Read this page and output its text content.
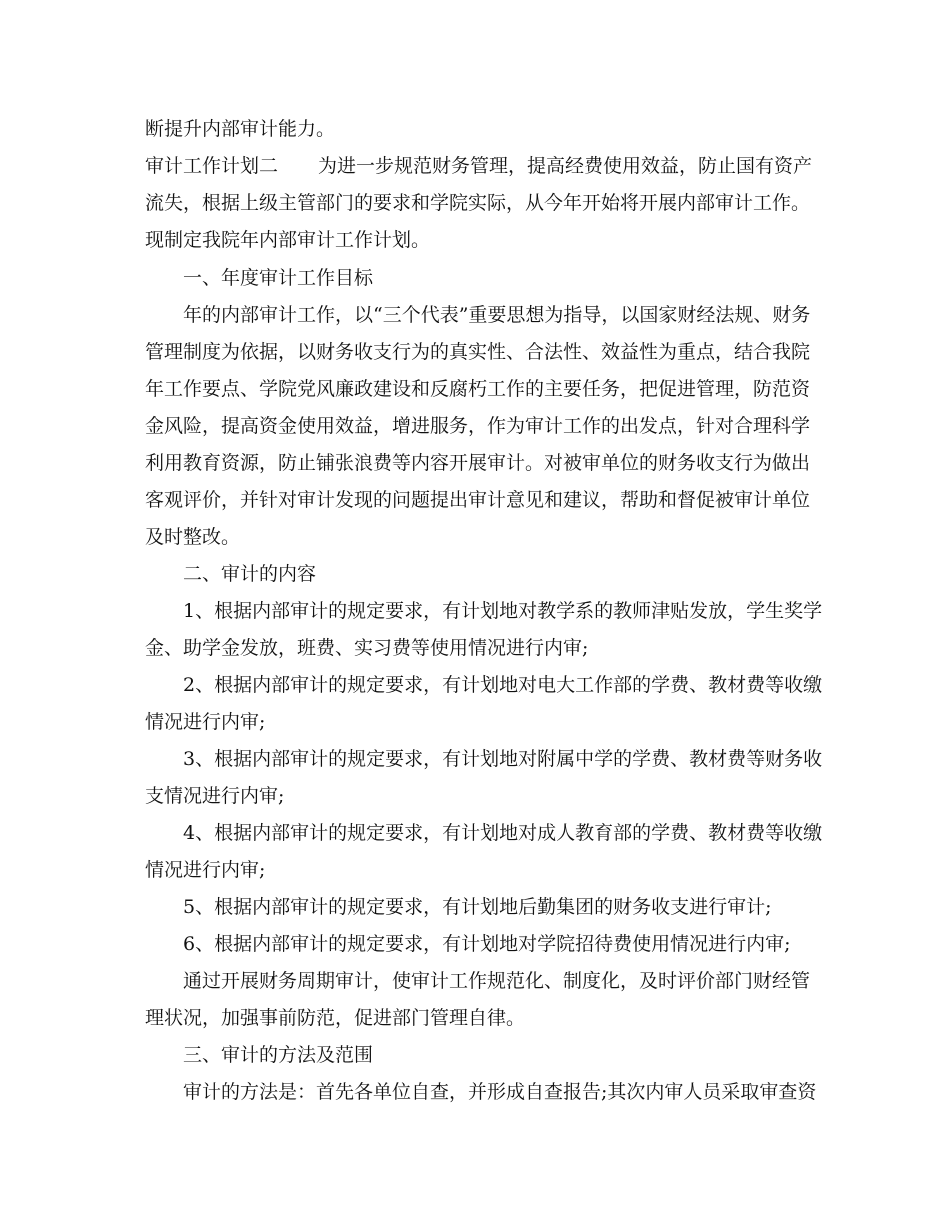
断提升内部审计能力。
审计工作计划二 为进一步规范财务管理，提高经费使用效益，防止国有资产
流失，根据上级主管部门的要求和学院实际，从今年开始将开展内部审计工作。
现制定我院年内部审计工作计划。
一、年度审计工作目标
年的内部审计工作，以“三个代表”重要思想为指导，以国家财经法规、财务
管理制度为依据，以财务收支行为的真实性、合法性、效益性为重点，结合我院
年工作要点、学院党风廉政建设和反腐朽工作的主要任务，把促进管理，防范资
金风险，提高资金使用效益，增进服务，作为审计工作的出发点，针对合理科学
利用教育资源，防止铺张浪费等内容开展审计。对被审单位的财务收支行为做出
客观评价，并针对审计发现的问题提出审计意见和建议，帮助和督促被审计单位
及时整改。
二、审计的内容
1、根据内部审计的规定要求，有计划地对教学系的教师津贴发放，学生奖学
金、助学金发放，班费、实习费等使用情况进行内审;
2、根据内部审计的规定要求，有计划地对电大工作部的学费、教材费等收缴
情况进行内审;
3、根据内部审计的规定要求，有计划地对附属中学的学费、教材费等财务收
支情况进行内审;
4、根据内部审计的规定要求，有计划地对成人教育部的学费、教材费等收缴
情况进行内审;
5、根据内部审计的规定要求，有计划地后勤集团的财务收支进行审计;
6、根据内部审计的规定要求，有计划地对学院招待费使用情况进行内审;
通过开展财务周期审计，使审计工作规范化、制度化，及时评价部门财经管
理状况，加强事前防范，促进部门管理自律。
三、审计的方法及范围
审计的方法是：首先各单位自查，并形成自查报告;其次内审人员采取审查资
